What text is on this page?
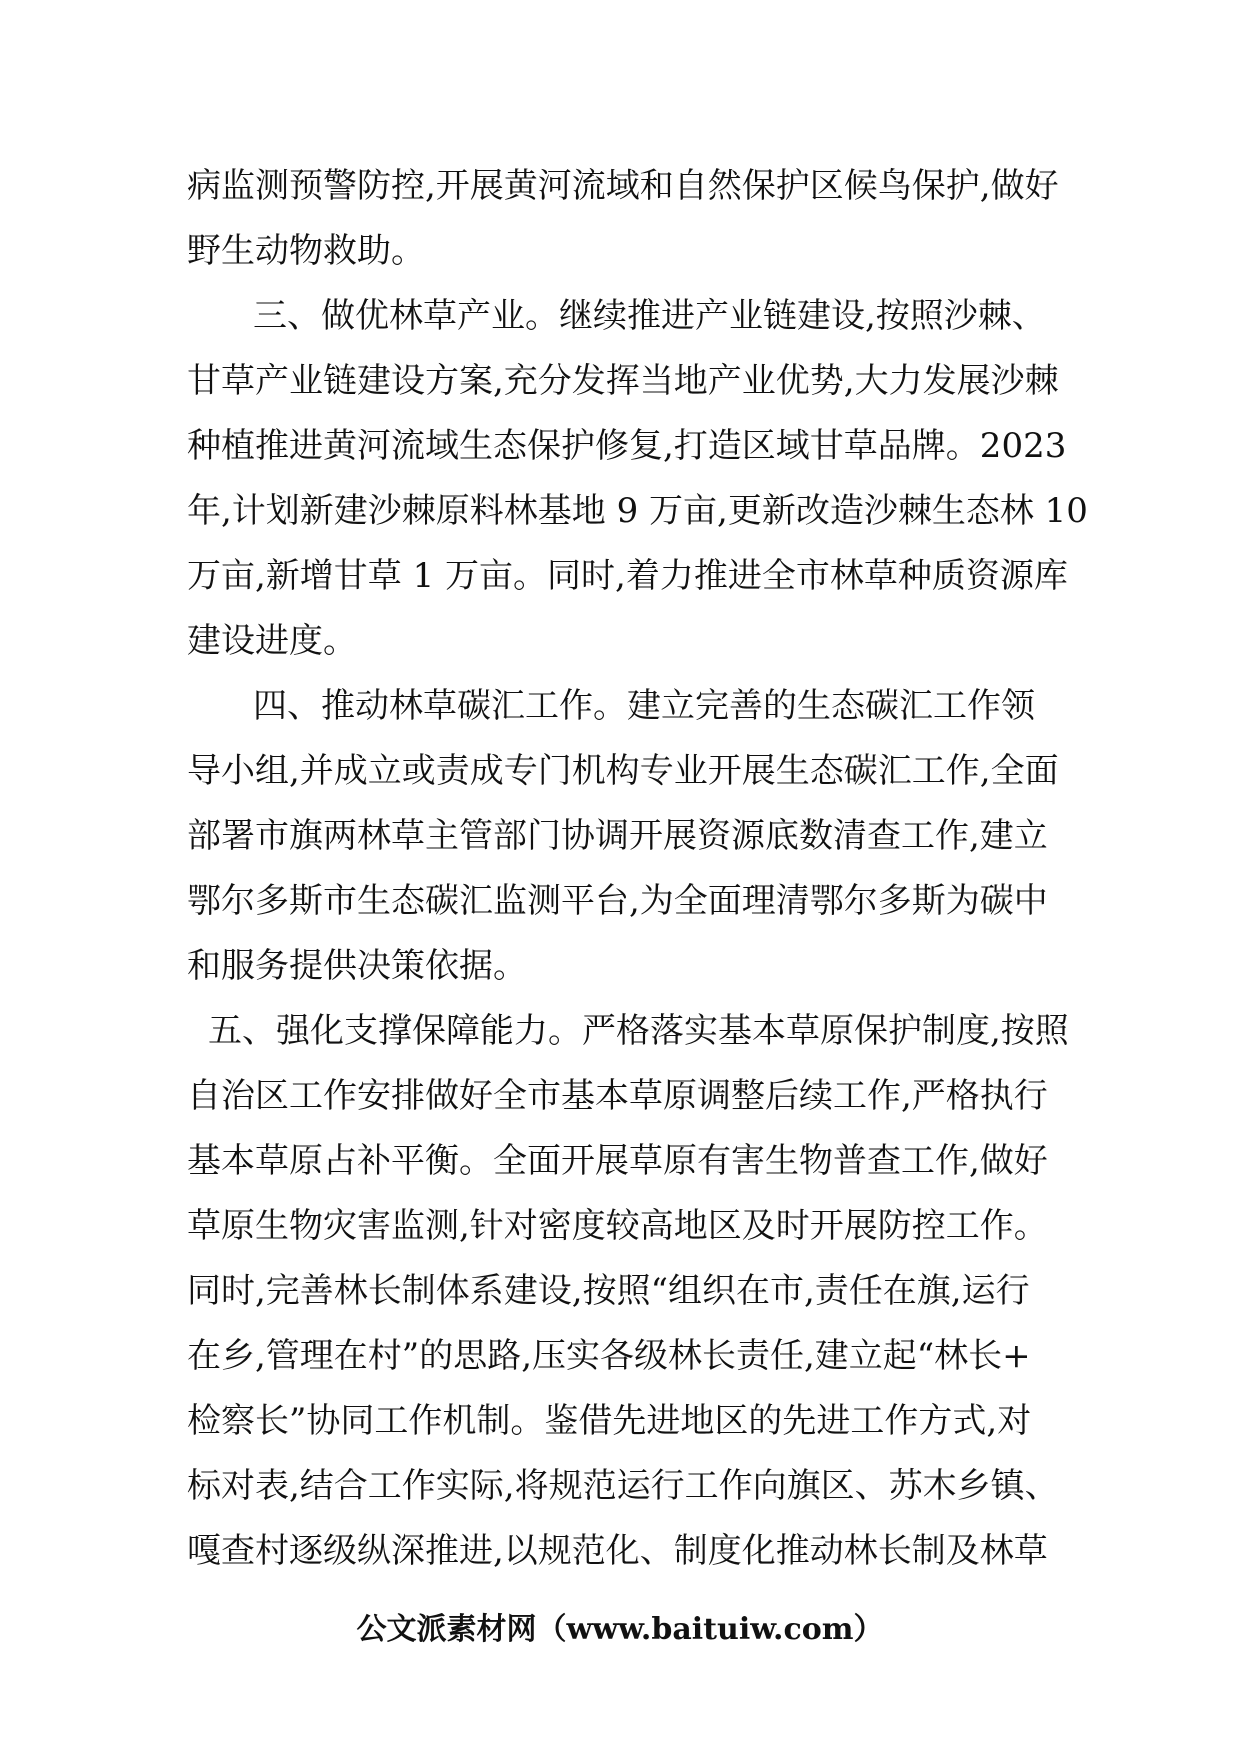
病监测预警防控,开展黄河流域和自然保护区候鸟保护,做好
野生动物救助。
三、做优林草产业。继续推进产业链建设,按照沙棘、
甘草产业链建设方案,充分发挥当地产业优势,大力发展沙棘
种植推进黄河流域生态保护修复,打造区域甘草品牌。2023
年,计划新建沙棘原料林基地 9 万亩,更新改造沙棘生态林 10
万亩,新增甘草 1 万亩。同时,着力推进全市林草种质资源库
建设进度。
四、推动林草碳汇工作。建立完善的生态碳汇工作领
导小组,并成立或责成专门机构专业开展生态碳汇工作,全面
部署市旗两林草主管部门协调开展资源底数清查工作,建立
鄂尔多斯市生态碳汇监测平台,为全面理清鄂尔多斯为碳中
和服务提供决策依据。
五、强化支撑保障能力。严格落实基本草原保护制度,按照
自治区工作安排做好全市基本草原调整后续工作,严格执行
基本草原占补平衡。全面开展草原有害生物普查工作,做好
草原生物灾害监测,针对密度较高地区及时开展防控工作。
同时,完善林长制体系建设,按照“组织在市,责任在旗,运行
在乡,管理在村”的思路,压实各级林长责任,建立起“林长+
检察长”协同工作机制。鉴借先进地区的先进工作方式,对
标对表,结合工作实际,将规范运行工作向旗区、苏木乡镇、
嘎查村逐级纵深推进,以规范化、制度化推动林长制及林草
公文派素材网（www.baituiw.com）
